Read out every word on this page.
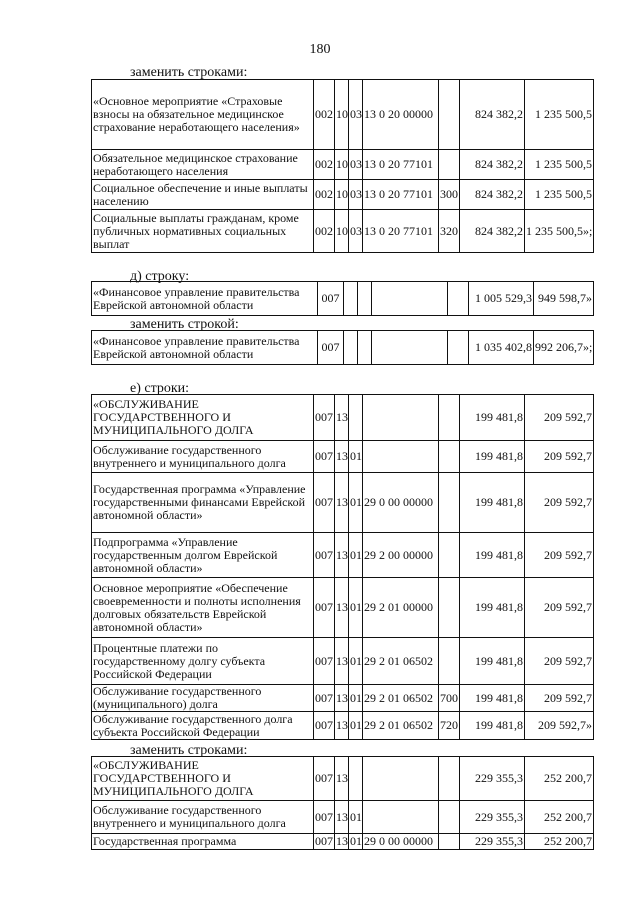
180
заменить строками:
«Основное мероприятие «Страховые взносы на обязательное медицинское страхование неработающего населения»	002	10	03	13 0 20 00000		824 382,2	1 235 500,5
Обязательное медицинское страхование неработающего населения	002	10	03	13 0 20 77101		824 382,2	1 235 500,5
Социальное обеспечение и иные выплаты населению	002	10	03	13 0 20 77101	300	824 382,2	1 235 500,5
Социальные выплаты гражданам, кроме публичных нормативных социальных выплат	002	10	03	13 0 20 77101	320	824 382,2	1 235 500,5»;
д) строку:
«Финансовое управление правительства Еврейской автономной области	007					1 005 529,3	949 598,7»
заменить строкой:
«Финансовое управление правительства Еврейской автономной области	007					1 035 402,8	992 206,7»;
е) строки:
«ОБСЛУЖИВАНИЕ ГОСУДАРСТВЕННОГО И МУНИЦИПАЛЬНОГО ДОЛГА	007	13				199 481,8	209 592,7
Обслуживание государственного внутреннего и муниципального долга	007	13	01			199 481,8	209 592,7
Государственная программа «Управление государственными финансами Еврейской автономной области»	007	13	01	29 0 00 00000		199 481,8	209 592,7
Подпрограмма «Управление государственным долгом Еврейской автономной области»	007	13	01	29 2 00 00000		199 481,8	209 592,7
Основное мероприятие «Обеспечение своевременности и полноты исполнения долговых обязательств Еврейской автономной области»	007	13	01	29 2 01 00000		199 481,8	209 592,7
Процентные платежи по государственному долгу субъекта Российской Федерации	007	13	01	29 2 01 06502		199 481,8	209 592,7
Обслуживание государственного (муниципального) долга	007	13	01	29 2 01 06502	700	199 481,8	209 592,7
Обслуживание государственного долга субъекта Российской Федерации	007	13	01	29 2 01 06502	720	199 481,8	209 592,7»
заменить строками:
«ОБСЛУЖИВАНИЕ ГОСУДАРСТВЕННОГО И МУНИЦИПАЛЬНОГО ДОЛГА	007	13				229 355,3	252 200,7
Обслуживание государственного внутреннего и муниципального долга	007	13	01			229 355,3	252 200,7
Государственная программа	007	13	01	29 0 00 00000		229 355,3	252 200,7
